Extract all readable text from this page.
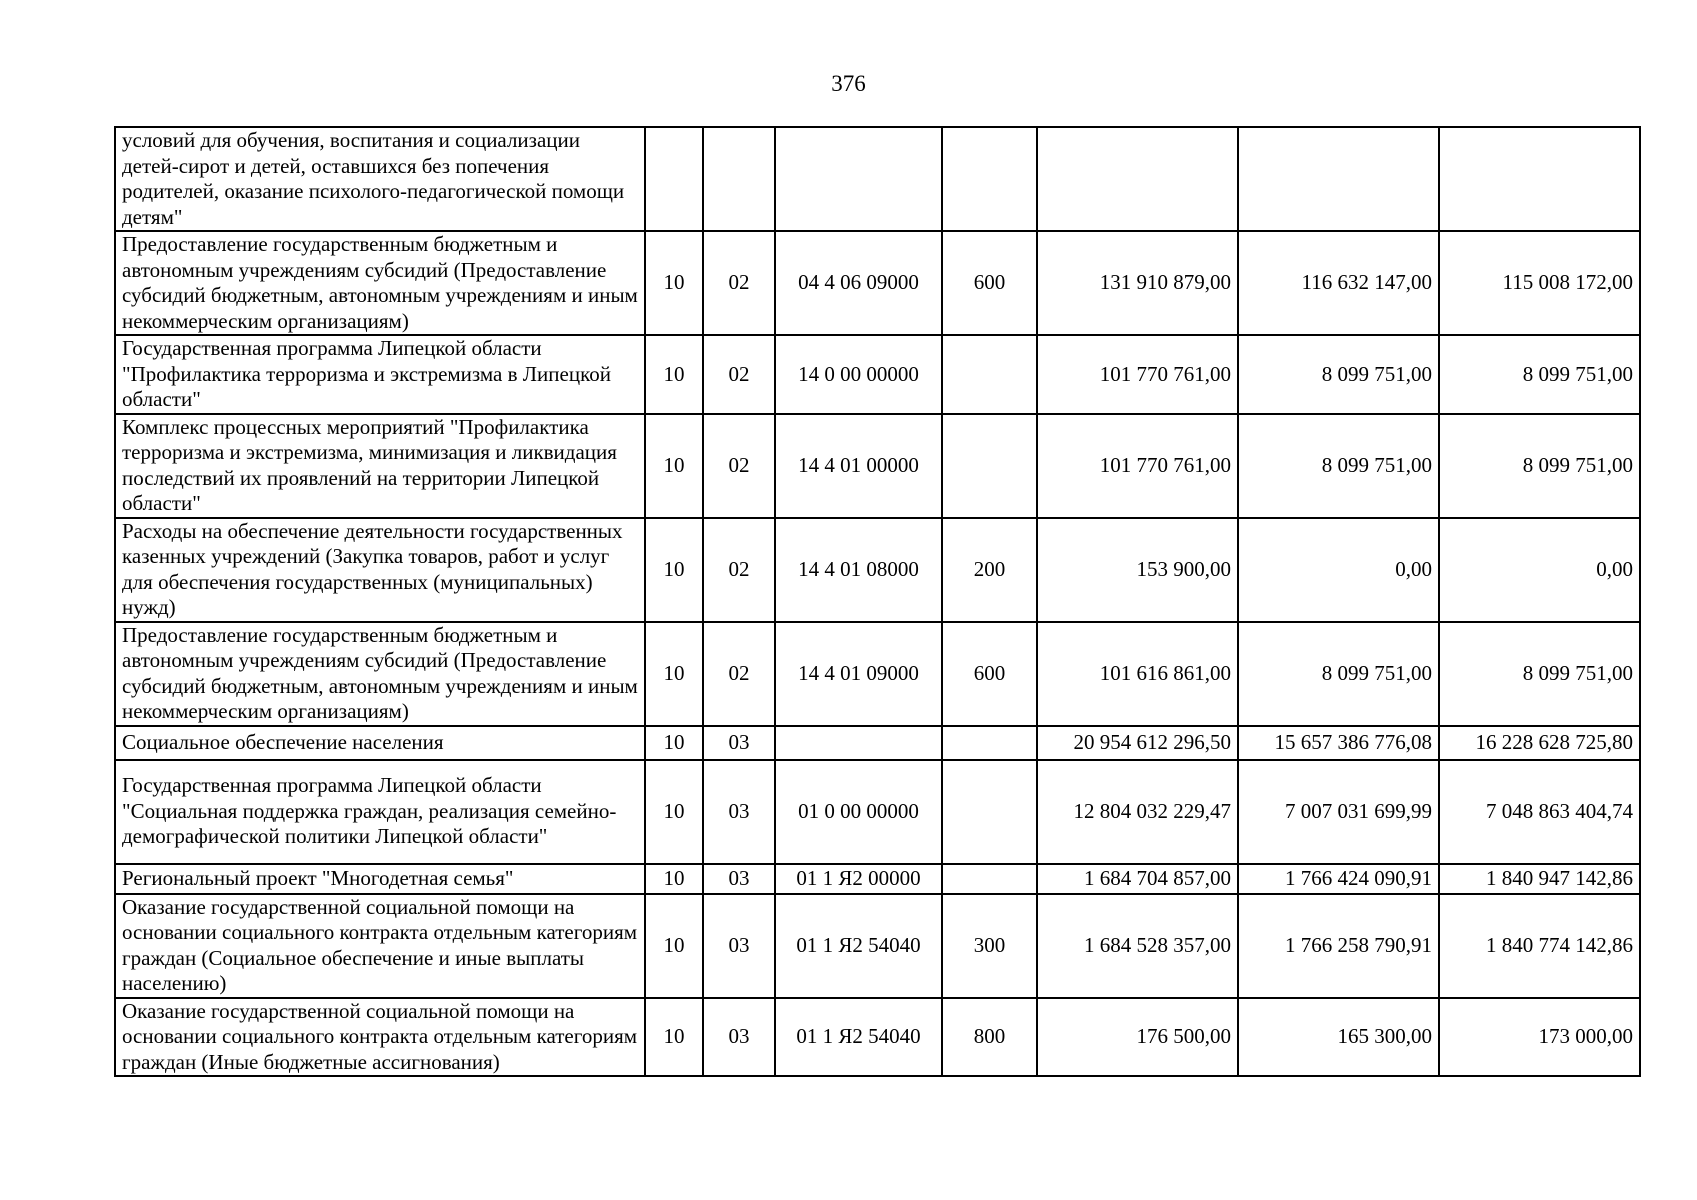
376
условий для обучения, воспитания и социализации детей-сирот и детей, оставшихся без попечения родителей, оказание психолого-педагогической помощи детям"							
Предоставление государственным бюджетным и автономным учреждениям субсидий (Предоставление субсидий бюджетным, автономным учреждениям и иным некоммерческим организациям)	10	02	04 4 06 09000	600	131 910 879,00	116 632 147,00	115 008 172,00
Государственная программа Липецкой области "Профилактика терроризма и экстремизма в Липецкой области"	10	02	14 0 00 00000		101 770 761,00	8 099 751,00	8 099 751,00
Комплекс процессных мероприятий "Профилактика терроризма и экстремизма, минимизация и ликвидация последствий их проявлений на территории Липецкой области"	10	02	14 4 01 00000		101 770 761,00	8 099 751,00	8 099 751,00
Расходы на обеспечение деятельности государственных казенных учреждений (Закупка товаров, работ и услуг для обеспечения государственных (муниципальных) нужд)	10	02	14 4 01 08000	200	153 900,00	0,00	0,00
Предоставление государственным бюджетным и автономным учреждениям субсидий (Предоставление субсидий бюджетным, автономным учреждениям и иным некоммерческим организациям)	10	02	14 4 01 09000	600	101 616 861,00	8 099 751,00	8 099 751,00
Социальное обеспечение населения	10	03			20 954 612 296,50	15 657 386 776,08	16 228 628 725,80
Государственная программа Липецкой области "Социальная поддержка граждан, реализация семейно-демографической политики Липецкой области"	10	03	01 0 00 00000		12 804 032 229,47	7 007 031 699,99	7 048 863 404,74
Региональный проект "Многодетная семья"	10	03	01 1 Я2 00000		1 684 704 857,00	1 766 424 090,91	1 840 947 142,86
Оказание государственной социальной помощи на основании социального контракта отдельным категориям граждан (Социальное обеспечение и иные выплаты населению)	10	03	01 1 Я2 54040	300	1 684 528 357,00	1 766 258 790,91	1 840 774 142,86
Оказание государственной социальной помощи на основании социального контракта отдельным категориям граждан (Иные бюджетные ассигнования)	10	03	01 1 Я2 54040	800	176 500,00	165 300,00	173 000,00
